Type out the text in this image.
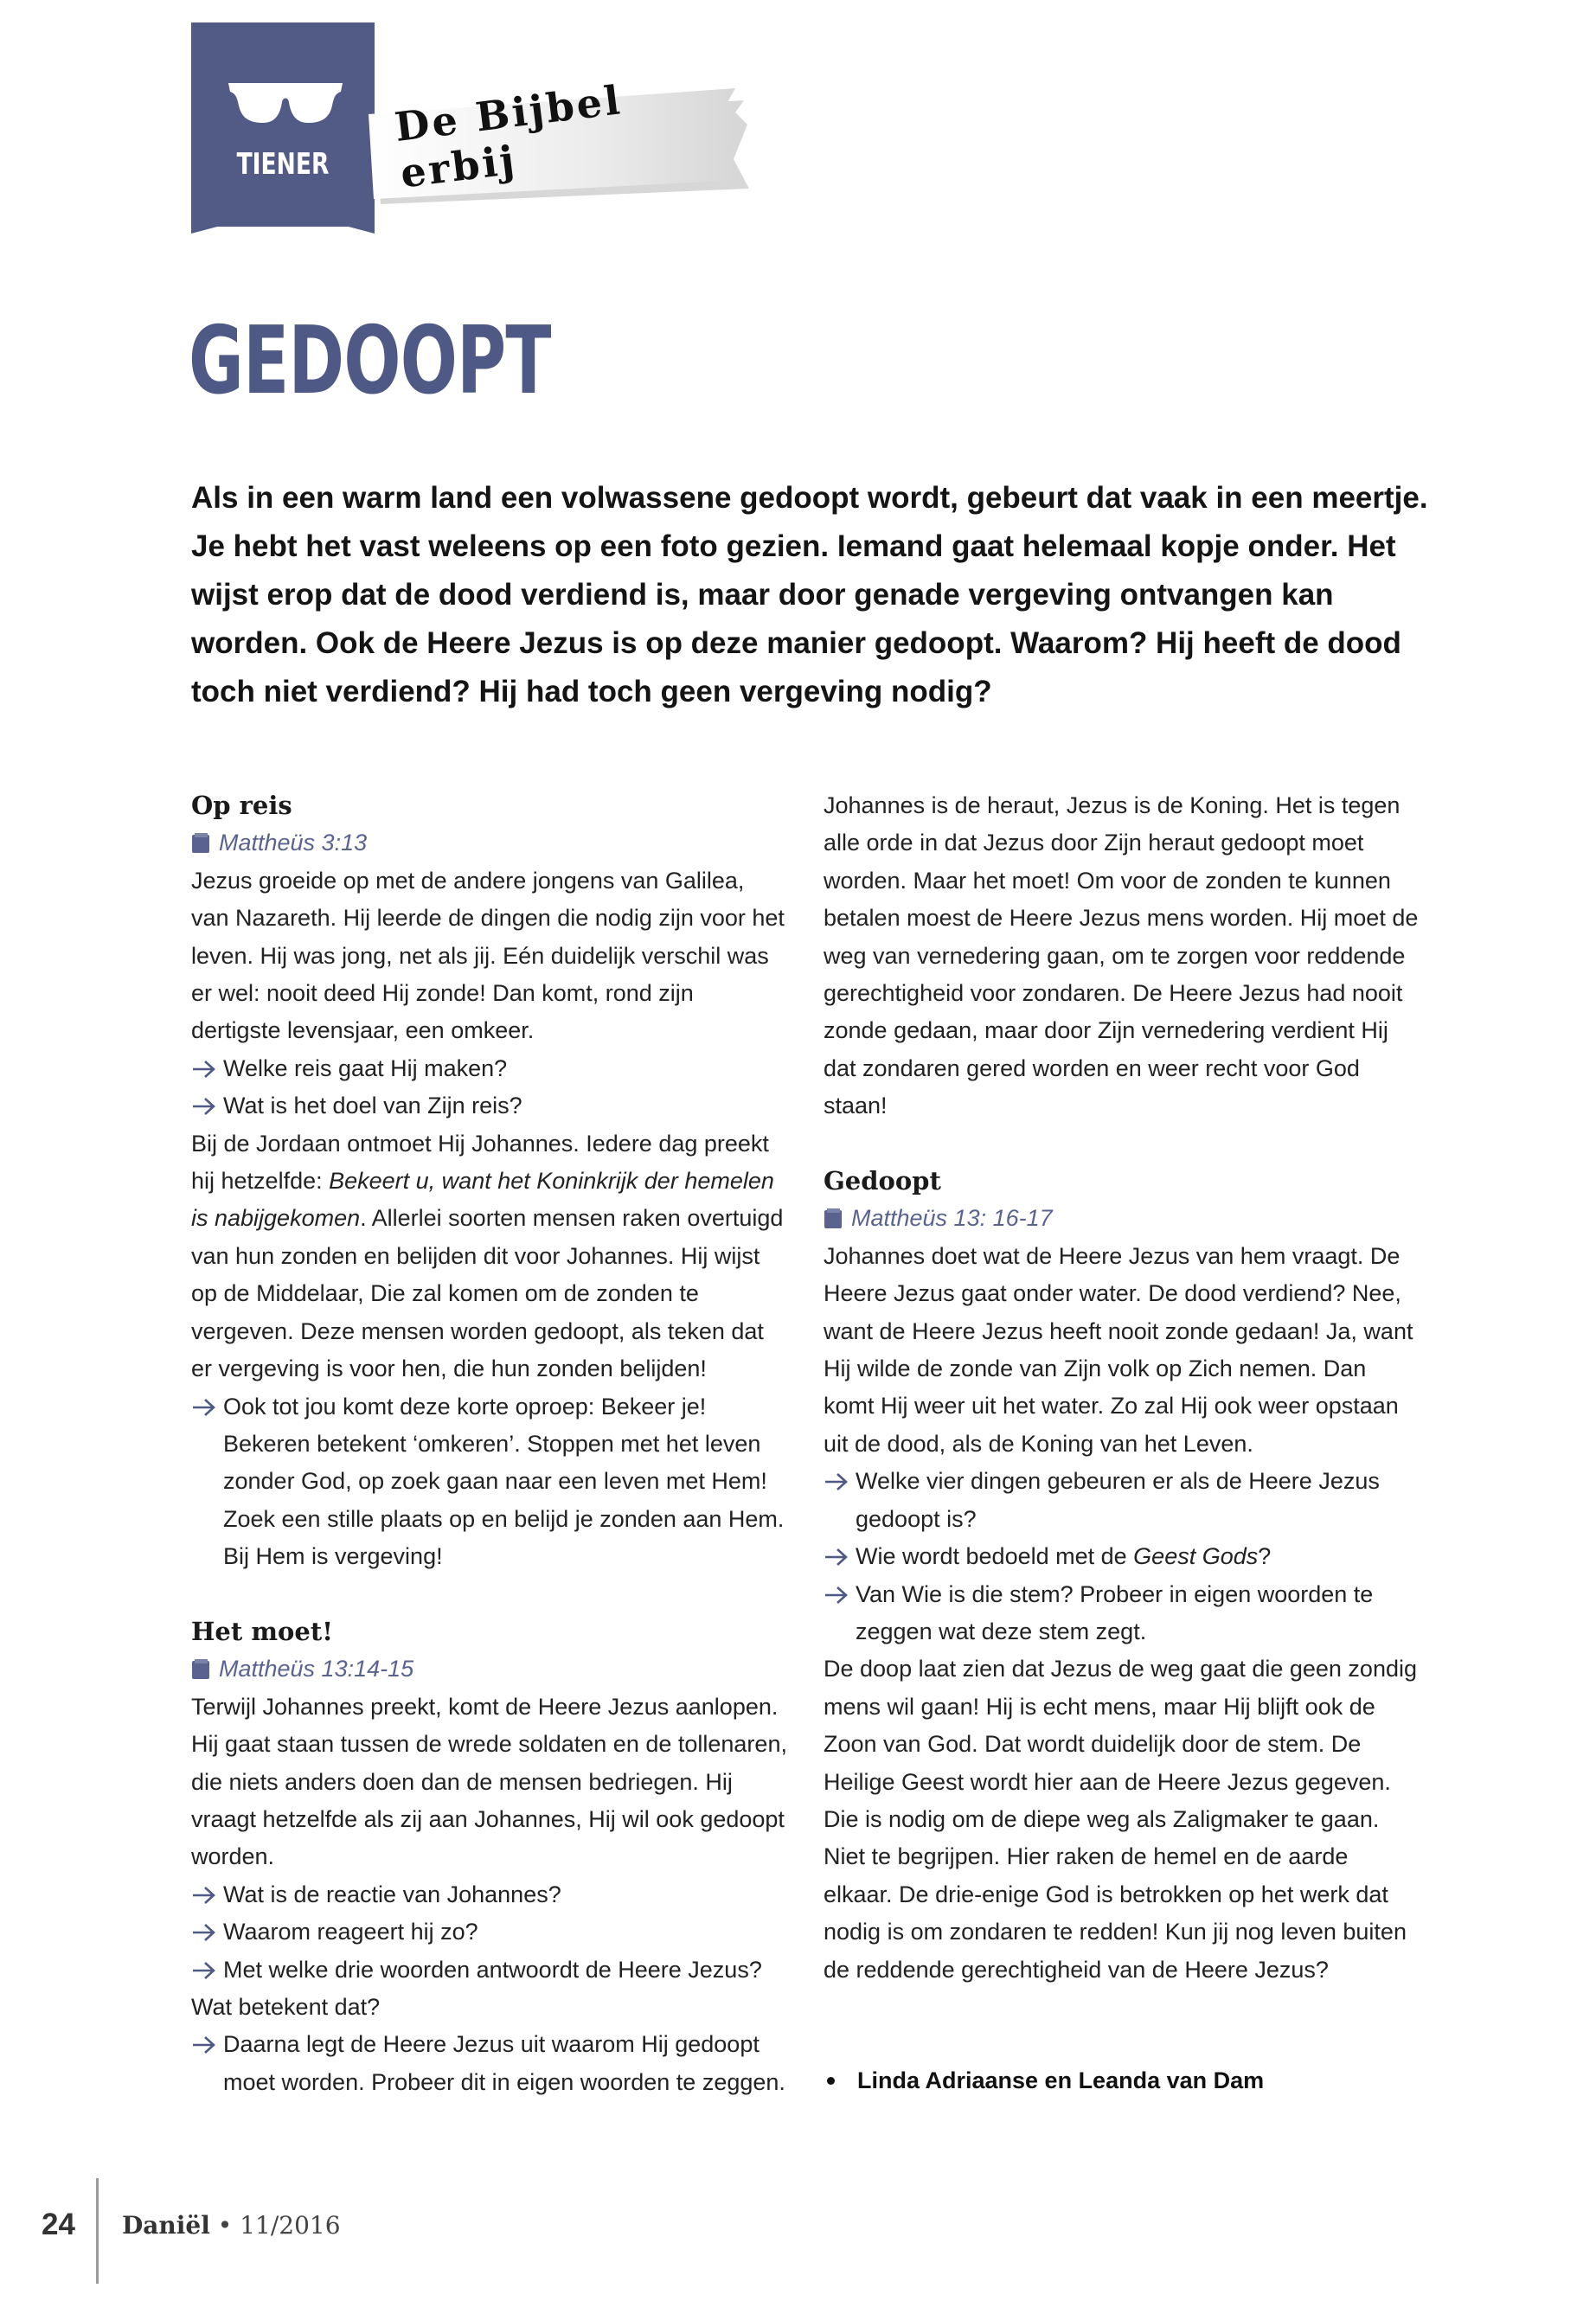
TIENER
De Bijbel erbij
GEDOOPT

Als in een warm land een volwassene gedoopt wordt, gebeurt dat vaak in een meertje. Je hebt het vast weleens op een foto gezien. Iemand gaat helemaal kopje onder. Het wijst erop dat de dood verdiend is, maar door genade vergeving ontvangen kan worden. Ook de Heere Jezus is op deze manier gedoopt. Waarom? Hij heeft de dood toch niet verdiend? Hij had toch geen vergeving nodig?

Op reis
Mattheüs 3:13

Jezus groeide op met de andere jongens van Galilea, van Nazareth. Hij leerde de dingen die nodig zijn voor het leven. Hij was jong, net als jij. Eén duidelijk verschil was er wel: nooit deed Hij zonde! Dan komt, rond zijn dertigste levensjaar, een omkeer.

Welke reis gaat Hij maken?
Wat is het doel van Zijn reis?

Bij de Jordaan ontmoet Hij Johannes. Iedere dag preekt hij hetzelfde: Bekeert u, want het Koninkrijk der hemelen is nabijgekomen. Allerlei soorten mensen raken overtuigd van hun zonden en belijden dit voor Johannes. Hij wijst op de Middelaar, Die zal komen om de zonden te vergeven. Deze mensen worden gedoopt, als teken dat er vergeving is voor hen, die hun zonden belijden!

Ook tot jou komt deze korte oproep: Bekeer je! Bekeren betekent ‘omkeren’. Stoppen met het leven zonder God, op zoek gaan naar een leven met Hem! Zoek een stille plaats op en belijd je zonden aan Hem. Bij Hem is vergeving!
Het moet!
Mattheüs 13:14-15

Terwijl Johannes preekt, komt de Heere Jezus aanlopen. Hij gaat staan tussen de wrede soldaten en de tollenaren, die niets anders doen dan de mensen bedriegen. Hij vraagt hetzelfde als zij aan Johannes, Hij wil ook gedoopt worden.

Wat is de reactie van Johannes?
Waarom reageert hij zo?
Met welke drie woorden antwoordt de Heere Jezus?

Wat betekent dat?

Daarna legt de Heere Jezus uit waarom Hij gedoopt moet worden. Probeer dit in eigen woorden te zeggen.

Johannes is de heraut, Jezus is de Koning. Het is tegen alle orde in dat Jezus door Zijn heraut gedoopt moet worden. Maar het moet! Om voor de zonden te kunnen betalen moest de Heere Jezus mens worden. Hij moet de weg van vernedering gaan, om te zorgen voor reddende gerechtigheid voor zondaren. De Heere Jezus had nooit zonde gedaan, maar door Zijn vernedering verdient Hij dat zondaren gered worden en weer recht voor God staan!

Gedoopt
Mattheüs 13: 16-17

Johannes doet wat de Heere Jezus van hem vraagt. De Heere Jezus gaat onder water. De dood verdiend? Nee, want de Heere Jezus heeft nooit zonde gedaan! Ja, want Hij wilde de zonde van Zijn volk op Zich nemen. Dan komt Hij weer uit het water. Zo zal Hij ook weer opstaan uit de dood, als de Koning van het Leven.

Welke vier dingen gebeuren er als de Heere Jezus gedoopt is?
Wie wordt bedoeld met de Geest Gods?
Van Wie is die stem? Probeer in eigen woorden te zeggen wat deze stem zegt.

De doop laat zien dat Jezus de weg gaat die geen zondig mens wil gaan! Hij is echt mens, maar Hij blijft ook de Zoon van God. Dat wordt duidelijk door de stem. De Heilige Geest wordt hier aan de Heere Jezus gegeven. Die is nodig om de diepe weg als Zaligmaker te gaan. Niet te begrijpen. Hier raken de hemel en de aarde elkaar. De drie-enige God is betrokken op het werk dat nodig is om zondaren te redden! Kun jij nog leven buiten de reddende gerechtigheid van de Heere Jezus?

Linda Adriaanse en Leanda van Dam
24 Daniël • 11/2016
